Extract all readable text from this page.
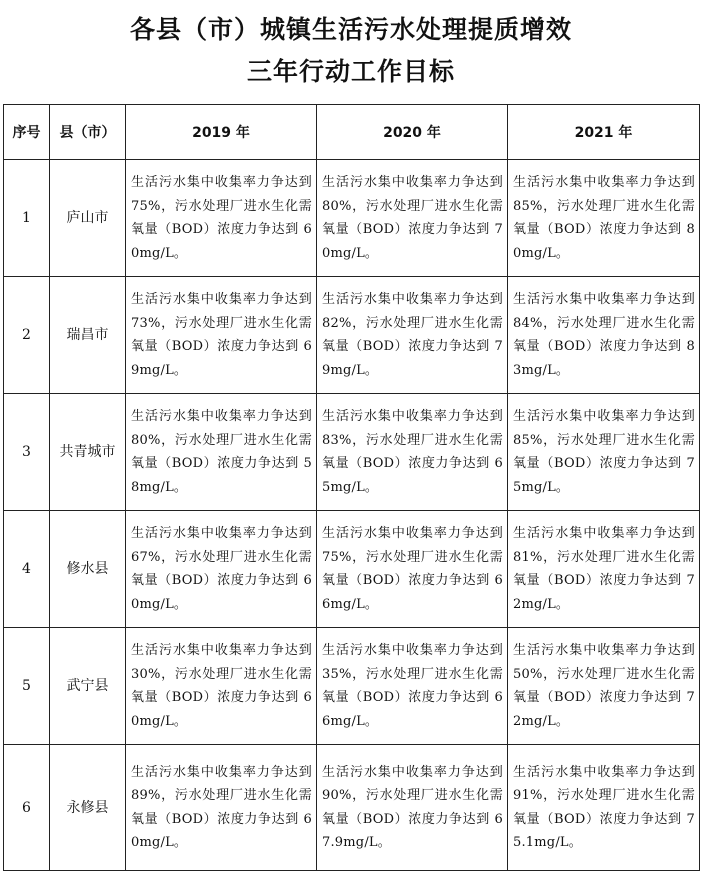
各县（市）城镇生活污水处理提质增效
三年行动工作目标
序号	县（市）	2019 年	2020 年	2021 年
1	庐山市	生活污水集中收集率力争达到 75%，污水处理厂进水生化需氧量（BOD）浓度力争达到 60mg/L。	生活污水集中收集率力争达到 80%，污水处理厂进水生化需氧量（BOD）浓度力争达到 70mg/L。	生活污水集中收集率力争达到 85%，污水处理厂进水生化需氧量（BOD）浓度力争达到 80mg/L。
2	瑞昌市	生活污水集中收集率力争达到 73%，污水处理厂进水生化需氧量（BOD）浓度力争达到 69mg/L。	生活污水集中收集率力争达到 82%，污水处理厂进水生化需氧量（BOD）浓度力争达到 79mg/L。	生活污水集中收集率力争达到 84%，污水处理厂进水生化需氧量（BOD）浓度力争达到 83mg/L。
3	共青城市	生活污水集中收集率力争达到 80%，污水处理厂进水生化需氧量（BOD）浓度力争达到 58mg/L。	生活污水集中收集率力争达到 83%，污水处理厂进水生化需氧量（BOD）浓度力争达到 65mg/L。	生活污水集中收集率力争达到 85%，污水处理厂进水生化需氧量（BOD）浓度力争达到 75mg/L。
4	修水县	生活污水集中收集率力争达到 67%，污水处理厂进水生化需氧量（BOD）浓度力争达到 60mg/L。	生活污水集中收集率力争达到 75%，污水处理厂进水生化需氧量（BOD）浓度力争达到 66mg/L。	生活污水集中收集率力争达到 81%，污水处理厂进水生化需氧量（BOD）浓度力争达到 72mg/L。
5	武宁县	生活污水集中收集率力争达到 30%，污水处理厂进水生化需氧量（BOD）浓度力争达到 60mg/L。	生活污水集中收集率力争达到 35%，污水处理厂进水生化需氧量（BOD）浓度力争达到 66mg/L。	生活污水集中收集率力争达到 50%，污水处理厂进水生化需氧量（BOD）浓度力争达到 72mg/L。
6	永修县	生活污水集中收集率力争达到 89%，污水处理厂进水生化需氧量（BOD）浓度力争达到 60mg/L。	生活污水集中收集率力争达到 90%，污水处理厂进水生化需氧量（BOD）浓度力争达到 67.9mg/L。	生活污水集中收集率力争达到 91%，污水处理厂进水生化需氧量（BOD）浓度力争达到 75.1mg/L。
